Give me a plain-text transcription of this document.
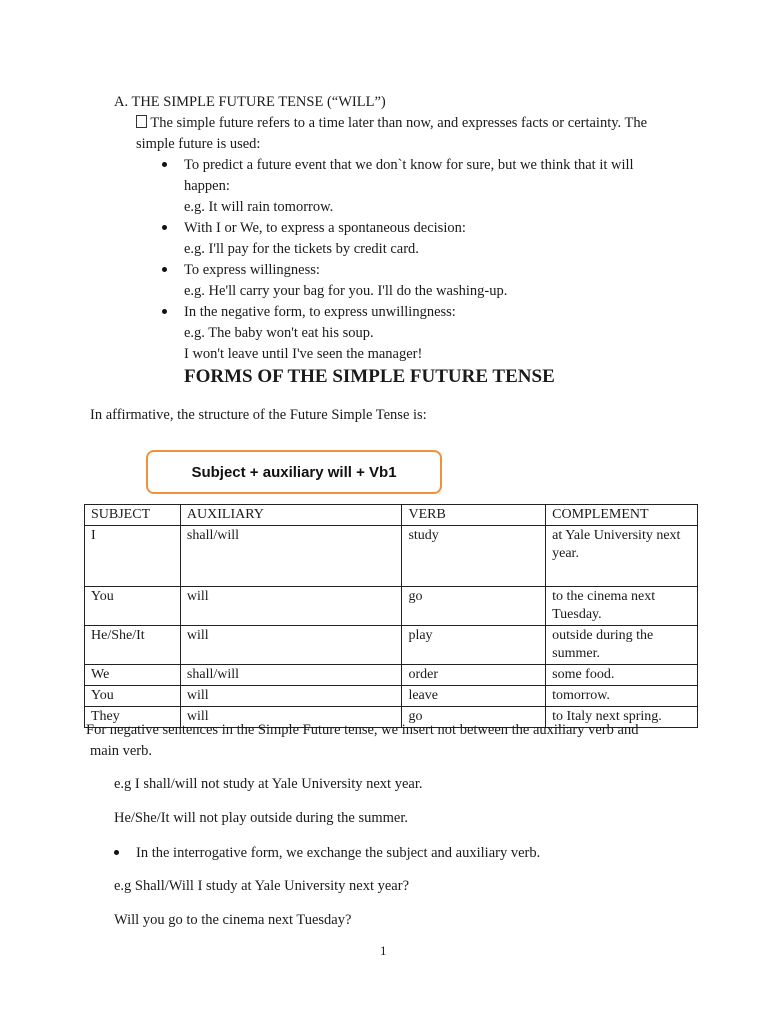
A. THE SIMPLE FUTURE TENSE (“WILL”)
The simple future refers to a time later than now, and expresses facts or certainty. The
simple future is used:
To predict a future event that we don`t know for sure, but we think that it will
happen:
e.g. It will rain tomorrow.
With I or We, to express a spontaneous decision:
e.g. I'll pay for the tickets by credit card.
To express willingness:
e.g. He'll carry your bag for you. I'll do the washing-up.
In the negative form, to express unwillingness:
e.g. The baby won't eat his soup.
I won't leave until I've seen the manager!
FORMS OF THE SIMPLE FUTURE TENSE
In affirmative, the structure of the Future Simple Tense is:
Subject + auxiliary will + Vb1
SUBJECT	AUXILIARY	VERB	COMPLEMENT
I	shall/will	study	at Yale University next year.
You	will	go	to the cinema next Tuesday.
He/She/It	will	play	outside during the summer.
We	shall/will	order	some food.
You	will	leave	tomorrow.
They	will	go	to Italy next spring.
For negative sentences in the Simple Future tense, we insert not between the auxiliary verb and
main verb.
e.g I shall/will not study at Yale University next year.
He/She/It will not play outside during the summer.
In the interrogative form, we exchange the subject and auxiliary verb.
e.g Shall/Will I study at Yale University next year?
Will you go to the cinema next Tuesday?
1
